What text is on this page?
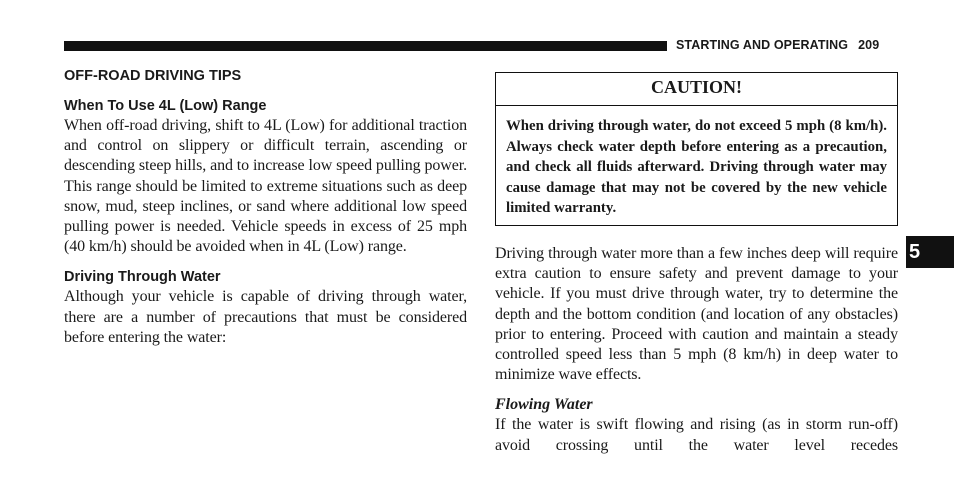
STARTING AND OPERATING 209
OFF-ROAD DRIVING TIPS
When To Use 4L (Low) Range

When off-road driving, shift to 4L (Low) for additional traction and control on slippery or difficult terrain, ascending or descending steep hills, and to increase low speed pulling power. This range should be limited to extreme situations such as deep snow, mud, steep inclines, or sand where additional low speed pulling power is needed. Vehicle speeds in excess of 25 mph (40 km/h) should be avoided when in 4L (Low) range.

Driving Through Water

Although your vehicle is capable of driving through water, there are a number of precautions that must be considered before entering the water:

CAUTION!
When driving through water, do not exceed 5 mph (8 km/h). Always check water depth before entering as a precaution, and check all fluids afterward. Driving through water may cause damage that may not be covered by the new vehicle limited warranty.

Driving through water more than a few inches deep will require extra caution to ensure safety and prevent damage to your vehicle. If you must drive through water, try to determine the depth and the bottom condition (and location of any obstacles) prior to entering. Proceed with caution and maintain a steady controlled speed less than 5 mph (8 km/h) in deep water to minimize wave effects.

Flowing Water

If the water is swift flowing and rising (as in storm run-off) avoid crossing until the water level recedes

5
